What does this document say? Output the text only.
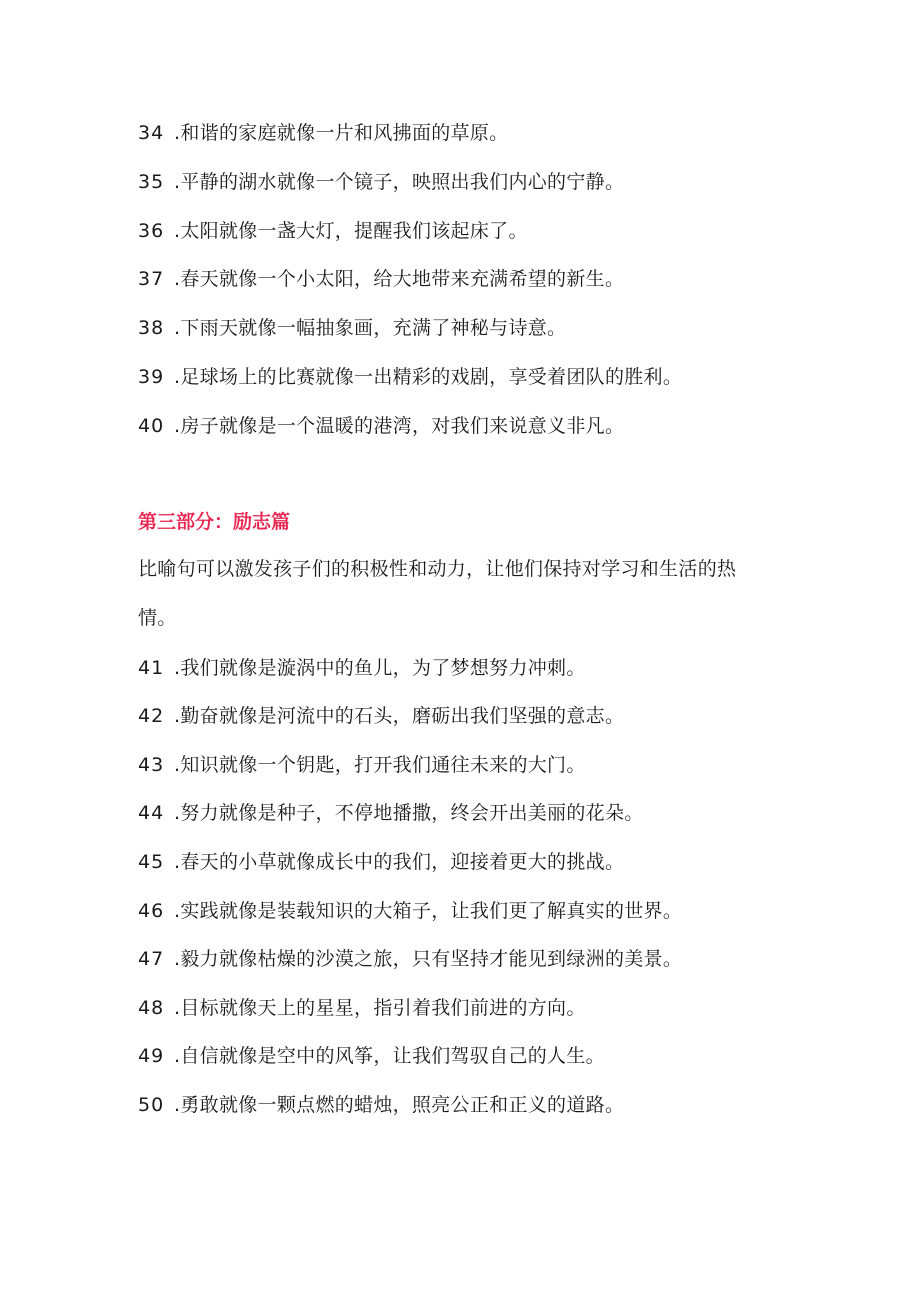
34 .和谐的家庭就像一片和风拂面的草原。
35 .平静的湖水就像一个镜子，映照出我们内心的宁静。
36 .太阳就像一盏大灯，提醒我们该起床了。
37 .春天就像一个小太阳，给大地带来充满希望的新生。
38 .下雨天就像一幅抽象画，充满了神秘与诗意。
39 .足球场上的比赛就像一出精彩的戏剧，享受着团队的胜利。
40 .房子就像是一个温暖的港湾，对我们来说意义非凡。
第三部分：励志篇
比喻句可以激发孩子们的积极性和动力，让他们保持对学习和生活的热
情。
41 .我们就像是漩涡中的鱼儿，为了梦想努力冲刺。
42 .勤奋就像是河流中的石头，磨砺出我们坚强的意志。
43 .知识就像一个钥匙，打开我们通往未来的大门。
44 .努力就像是种子，不停地播撒，终会开出美丽的花朵。
45 .春天的小草就像成长中的我们，迎接着更大的挑战。
46 .实践就像是装载知识的大箱子，让我们更了解真实的世界。
47 .毅力就像枯燥的沙漠之旅，只有坚持才能见到绿洲的美景。
48 .目标就像天上的星星，指引着我们前进的方向。
49 .自信就像是空中的风筝，让我们驾驭自己的人生。
50 .勇敢就像一颗点燃的蜡烛，照亮公正和正义的道路。
